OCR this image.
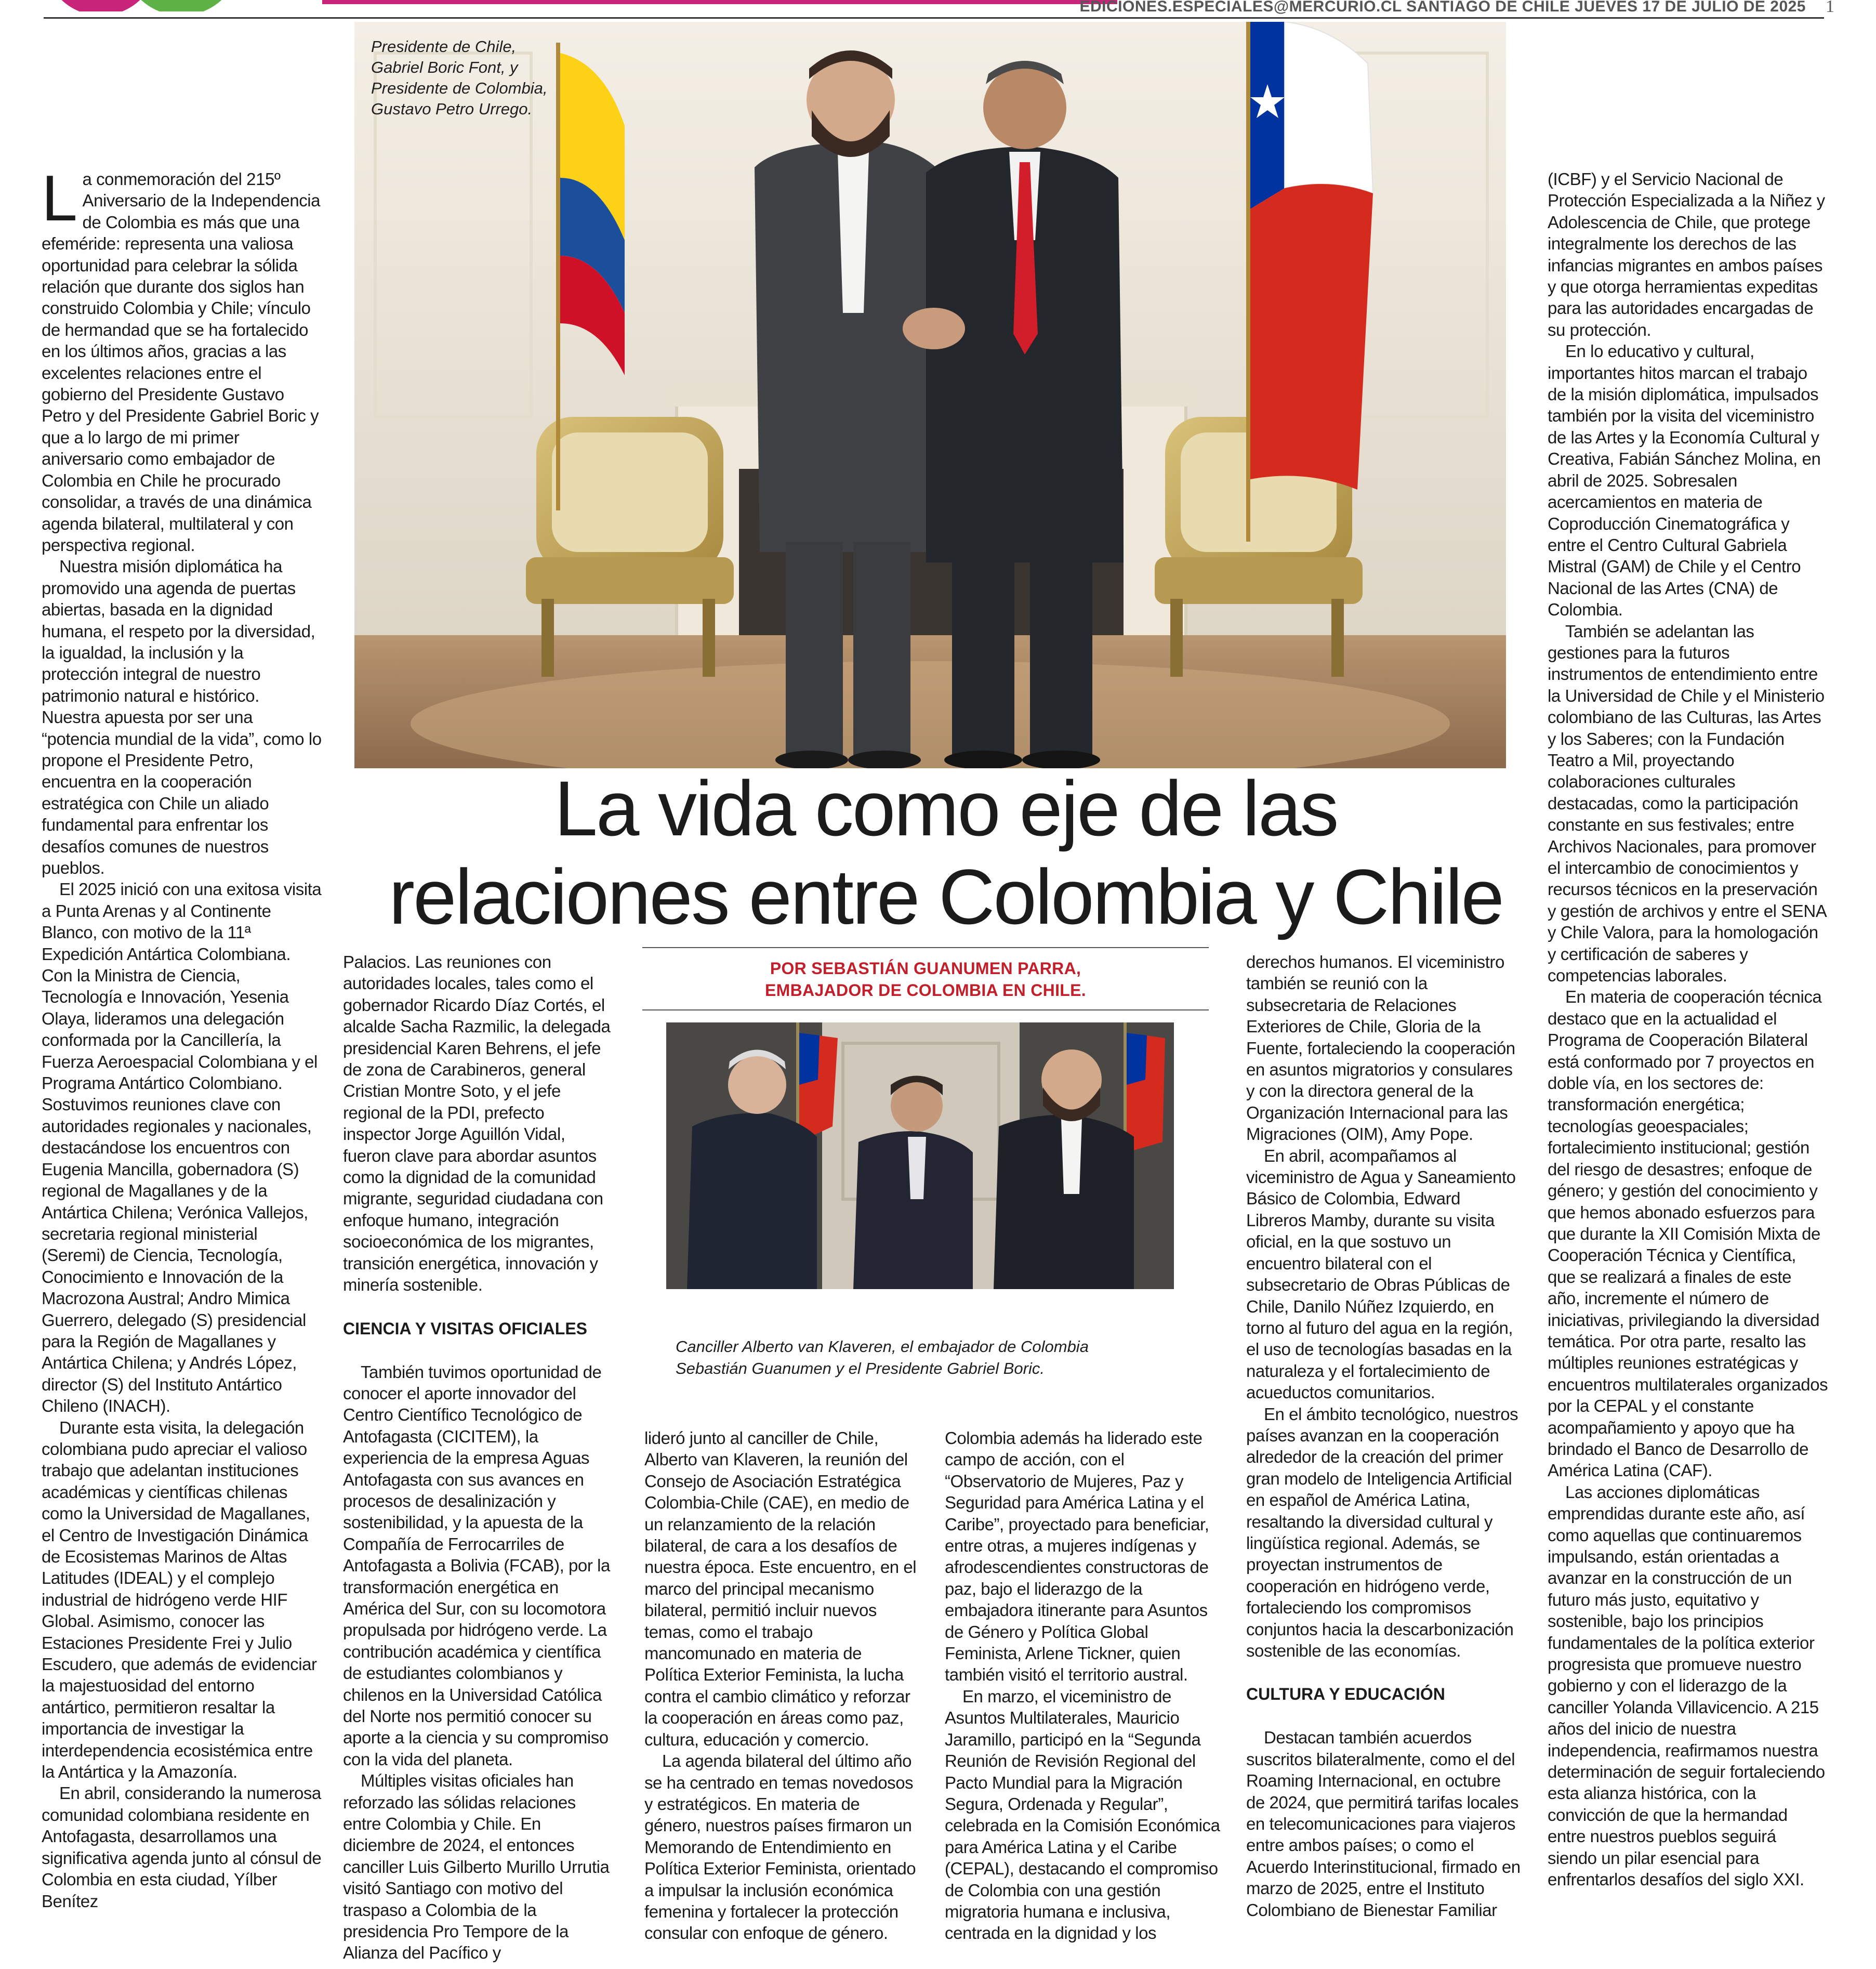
EDICIONES.ESPECIALES@MERCURIO.CL SANTIAGO DE CHILE JUEVES 17 DE JULIO DE 2025 1
Presidente de Chile,
Gabriel Boric Font, y
Presidente de Colombia,
Gustavo Petro Urrego.
La vida como eje de las
relaciones entre Colombia y Chile
POR SEBASTIÁN GUANUMEN PARRA,
EMBAJADOR DE COLOMBIA EN CHILE.
Canciller Alberto van Klaveren, el embajador de Colombia
Sebastián Guanumen y el Presidente Gabriel Boric.

La conmemoración del 215º Aniversario de la Independencia de Colombia es más que una efeméride: representa una valiosa oportunidad para celebrar la sólida relación que durante dos siglos han construido Colombia y Chile; vínculo de hermandad que se ha fortalecido en los últimos años, gracias a las excelentes relaciones entre el gobierno del Presidente Gustavo Petro y del Presidente Gabriel Boric y que a lo largo de mi primer aniversario como embajador de Colombia en Chile he procurado consolidar, a través de una dinámica agenda bilateral, multilateral y con perspectiva regional.

Nuestra misión diplomática ha promovido una agenda de puertas abiertas, basada en la dignidad humana, el respeto por la diversidad, la igualdad, la inclusión y la protección integral de nuestro patrimonio natural e histórico. Nuestra apuesta por ser una “potencia mundial de la vida”, como lo propone el Presidente Petro, encuentra en la cooperación estratégica con Chile un aliado fundamental para enfrentar los desafíos comunes de nuestros pueblos.

El 2025 inició con una exitosa visita a Punta Arenas y al Continente Blanco, con motivo de la 11ª Expedición Antártica Colombiana. Con la Ministra de Ciencia, Tecnología e Innovación, Yesenia Olaya, lideramos una delegación conformada por la Cancillería, la Fuerza Aeroespacial Colombiana y el Programa Antártico Colombiano. Sostuvimos reuniones clave con autoridades regionales y nacionales, destacándose los encuentros con Eugenia Mancilla, gobernadora (S) regional de Magallanes y de la Antártica Chilena; Verónica Vallejos, secretaria regional ministerial (Seremi) de Ciencia, Tecnología, Conocimiento e Innovación de la Macrozona Austral; Andro Mimica Guerrero, delegado (S) presidencial para la Región de Magallanes y Antártica Chilena; y Andrés López, director (S) del Instituto Antártico Chileno (INACH).

Durante esta visita, la delegación colombiana pudo apreciar el valioso trabajo que adelantan instituciones académicas y científicas chilenas como la Universidad de Magallanes, el Centro de Investigación Dinámica de Ecosistemas Marinos de Altas Latitudes (IDEAL) y el complejo industrial de hidrógeno verde HIF Global. Asimismo, conocer las Estaciones Presidente Frei y Julio Escudero, que además de evidenciar la majestuosidad del entorno antártico, permitieron resaltar la importancia de investigar la interdependencia ecosistémica entre la Antártica y la Amazonía.

En abril, considerando la numerosa comunidad colombiana residente en Antofagasta, desarrollamos una significativa agenda junto al cónsul de Colombia en esta ciudad, Yílber Benítez

Palacios. Las reuniones con autoridades locales, tales como el gobernador Ricardo Díaz Cortés, el alcalde Sacha Razmilic, la delegada presidencial Karen Behrens, el jefe de zona de Carabineros, general Cristian Montre Soto, y el jefe regional de la PDI, prefecto inspector Jorge Aguillón Vidal, fueron clave para abordar asuntos como la dignidad de la comunidad migrante, seguridad ciudadana con enfoque humano, integración socioeconómica de los migrantes, transición energética, innovación y minería sostenible.

CIENCIA Y VISITAS OFICIALES

También tuvimos oportunidad de conocer el aporte innovador del Centro Científico Tecnológico de Antofagasta (CICITEM), la experiencia de la empresa Aguas Antofagasta con sus avances en procesos de desalinización y sostenibilidad, y la apuesta de la Compañía de Ferrocarriles de Antofagasta a Bolivia (FCAB), por la transformación energética en América del Sur, con su locomotora propulsada por hidrógeno verde. La contribución académica y científica de estudiantes colombianos y chilenos en la Universidad Católica del Norte nos permitió conocer su aporte a la ciencia y su compromiso con la vida del planeta.

Múltiples visitas oficiales han reforzado las sólidas relaciones entre Colombia y Chile. En diciembre de 2024, el entonces canciller Luis Gilberto Murillo Urrutia visitó Santiago con motivo del traspaso a Colombia de la presidencia Pro Tempore de la Alianza del Pacífico y

lideró junto al canciller de Chile, Alberto van Klaveren, la reunión del Consejo de Asociación Estratégica Colombia-Chile (CAE), en medio de un relanzamiento de la relación bilateral, de cara a los desafíos de nuestra época. Este encuentro, en el marco del principal mecanismo bilateral, permitió incluir nuevos temas, como el trabajo mancomunado en materia de Política Exterior Feminista, la lucha contra el cambio climático y reforzar la cooperación en áreas como paz, cultura, educación y comercio.

La agenda bilateral del último año se ha centrado en temas novedosos y estratégicos. En materia de género, nuestros países firmaron un Memorando de Entendimiento en Política Exterior Feminista, orientado a impulsar la inclusión económica femenina y fortalecer la protección consular con enfoque de género.

Colombia además ha liderado este campo de acción, con el “Observatorio de Mujeres, Paz y Seguridad para América Latina y el Caribe”, proyectado para beneficiar, entre otras, a mujeres indígenas y afrodescendientes constructoras de paz, bajo el liderazgo de la embajadora itinerante para Asuntos de Género y Política Global Feminista, Arlene Tickner, quien también visitó el territorio austral.

En marzo, el viceministro de Asuntos Multilaterales, Mauricio Jaramillo, participó en la “Segunda Reunión de Revisión Regional del Pacto Mundial para la Migración Segura, Ordenada y Regular”, celebrada en la Comisión Económica para América Latina y el Caribe (CEPAL), destacando el compromiso de Colombia con una gestión migratoria humana e inclusiva, centrada en la dignidad y los

derechos humanos. El viceministro también se reunió con la subsecretaria de Relaciones Exteriores de Chile, Gloria de la Fuente, fortaleciendo la cooperación en asuntos migratorios y consulares y con la directora general de la Organización Internacional para las Migraciones (OIM), Amy Pope.

En abril, acompañamos al viceministro de Agua y Saneamiento Básico de Colombia, Edward Libreros Mamby, durante su visita oficial, en la que sostuvo un encuentro bilateral con el subsecretario de Obras Públicas de Chile, Danilo Núñez Izquierdo, en torno al futuro del agua en la región, el uso de tecnologías basadas en la naturaleza y el fortalecimiento de acueductos comunitarios.

En el ámbito tecnológico, nuestros países avanzan en la cooperación alrededor de la creación del primer gran modelo de Inteligencia Artificial en español de América Latina, resaltando la diversidad cultural y lingüística regional. Además, se proyectan instrumentos de cooperación en hidrógeno verde, fortaleciendo los compromisos conjuntos hacia la descarbonización sostenible de las economías.

CULTURA Y EDUCACIÓN

Destacan también acuerdos suscritos bilateralmente, como el del Roaming Internacional, en octubre de 2024, que permitirá tarifas locales en telecomunicaciones para viajeros entre ambos países; o como el Acuerdo Interinstitucional, firmado en marzo de 2025, entre el Instituto Colombiano de Bienestar Familiar

(ICBF) y el Servicio Nacional de Protección Especializada a la Niñez y Adolescencia de Chile, que protege integralmente los derechos de las infancias migrantes en ambos países y que otorga herramientas expeditas para las autoridades encargadas de su protección.

En lo educativo y cultural, importantes hitos marcan el trabajo de la misión diplomática, impulsados también por la visita del viceministro de las Artes y la Economía Cultural y Creativa, Fabián Sánchez Molina, en abril de 2025. Sobresalen acercamientos en materia de Coproducción Cinematográfica y entre el Centro Cultural Gabriela Mistral (GAM) de Chile y el Centro Nacional de las Artes (CNA) de Colombia.

También se adelantan las gestiones para la futuros instrumentos de entendimiento entre la Universidad de Chile y el Ministerio colombiano de las Culturas, las Artes y los Saberes; con la Fundación Teatro a Mil, proyectando colaboraciones culturales destacadas, como la participación constante en sus festivales; entre Archivos Nacionales, para promover el intercambio de conocimientos y recursos técnicos en la preservación y gestión de archivos y entre el SENA y Chile Valora, para la homologación y certificación de saberes y competencias laborales.

En materia de cooperación técnica destaco que en la actualidad el Programa de Cooperación Bilateral está conformado por 7 proyectos en doble vía, en los sectores de: transformación energética; tecnologías geoespaciales; fortalecimiento institucional; gestión del riesgo de desastres; enfoque de género; y gestión del conocimiento y que hemos abonado esfuerzos para que durante la XII Comisión Mixta de Cooperación Técnica y Científica, que se realizará a finales de este año, incremente el número de iniciativas, privilegiando la diversidad temática. Por otra parte, resalto las múltiples reuniones estratégicas y encuentros multilaterales organizados por la CEPAL y el constante acompañamiento y apoyo que ha brindado el Banco de Desarrollo de América Latina (CAF).

Las acciones diplomáticas emprendidas durante este año, así como aquellas que continuaremos impulsando, están orientadas a avanzar en la construcción de un futuro más justo, equitativo y sostenible, bajo los principios fundamentales de la política exterior progresista que promueve nuestro gobierno y con el liderazgo de la canciller Yolanda Villavicencio. A 215 años del inicio de nuestra independencia, reafirmamos nuestra determinación de seguir fortaleciendo esta alianza histórica, con la convicción de que la hermandad entre nuestros pueblos seguirá siendo un pilar esencial para enfrentarlos desafíos del siglo XXI.
